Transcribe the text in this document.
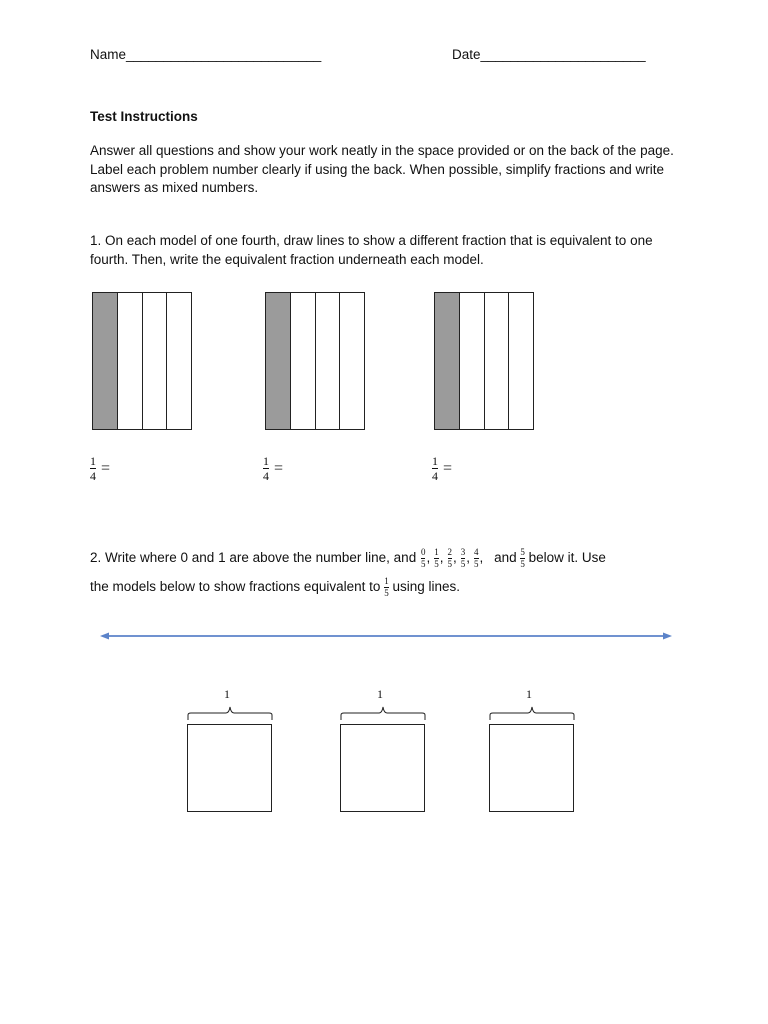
Name__________________________	Date______________________
Test Instructions
Answer all questions and show your work neatly in the space provided or on the back of the page. Label each problem number clearly if using the back. When possible, simplify fractions and write answers as mixed numbers.
1. On each model of one fourth, draw lines to show a different fraction that is equivalent to one fourth. Then, write the equivalent fraction underneath each model.
$\frac{1}{4}$ =	$\frac{1}{4}$ =	$\frac{1}{4}$ =
2. Write where 0 and 1 are above the number line, and $\frac{0}{5}$ , $\frac{1}{5}$ , $\frac{2}{5}$ , $\frac{3}{5}$ , $\frac{4}{5}$ , and $\frac{5}{5}$ below it. Use
the models below to show fractions equivalent to $\frac{1}{5}$ using lines.
1	1	1
